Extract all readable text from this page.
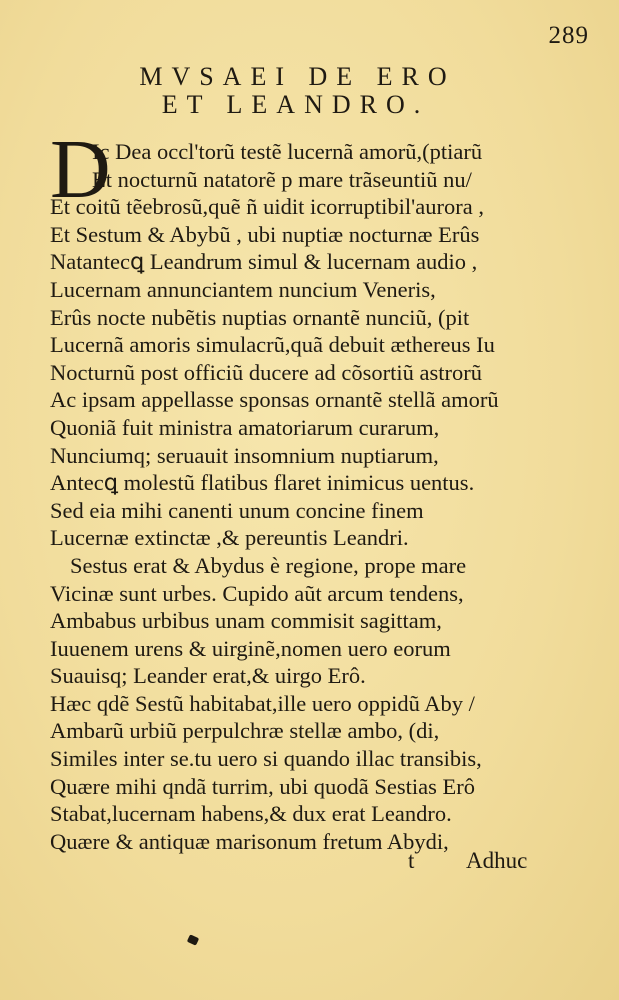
289
MVSAEI DE ERO
ET LEANDRO.
D
Ic Dea occl'torũ testẽ lucernã amorũ,(ptiarũ
Et nocturnũ natatorẽ p mare trãseuntiũ nu/
Et coitũ tẽebrosũ,quẽ ñ uidit icorruptibil'aurora ,
Et Sestum & Abybũ , ubi nuptiæ nocturnæ Erûs
Natantecꝗ Leandrum simul & lucernam audio ,
Lucernam annunciantem nuncium Veneris,
Erûs nocte nubẽtis nuptias ornantẽ nunciũ, (pit
Lucernã amoris simulacrũ,quã debuit æthereus Iu
Nocturnũ post officiũ ducere ad cõsortiũ astrorũ
Ac ipsam appellasse sponsas ornantẽ stellã amorũ
Quoniã fuit ministra amatoriarum curarum,
Nunciumq; seruauit insomnium nuptiarum,
Antecꝗ molestũ flatibus flaret inimicus uentus.
Sed eia mihi canenti unum concine finem
Lucernæ extinctæ ,& pereuntis Leandri.
Sestus erat & Abydus è regione, prope mare
Vicinæ sunt urbes. Cupido aũt arcum tendens,
Ambabus urbibus unam commisit sagittam,
Iuuenem urens & uirginẽ,nomen uero eorum
Suauisq; Leander erat,& uirgo Erô.
Hæc qdẽ Sestũ habitabat,ille uero oppidũ Aby /
Ambarũ urbiũ perpulchræ stellæ ambo, (di,
Similes inter se.tu uero si quando illac transibis,
Quære mihi qndã turrim, ubi quodã Sestias Erô
Stabat,lucernam habens,& dux erat Leandro.
Quære & antiquæ marisonum fretum Abydi,
t Adhuc
